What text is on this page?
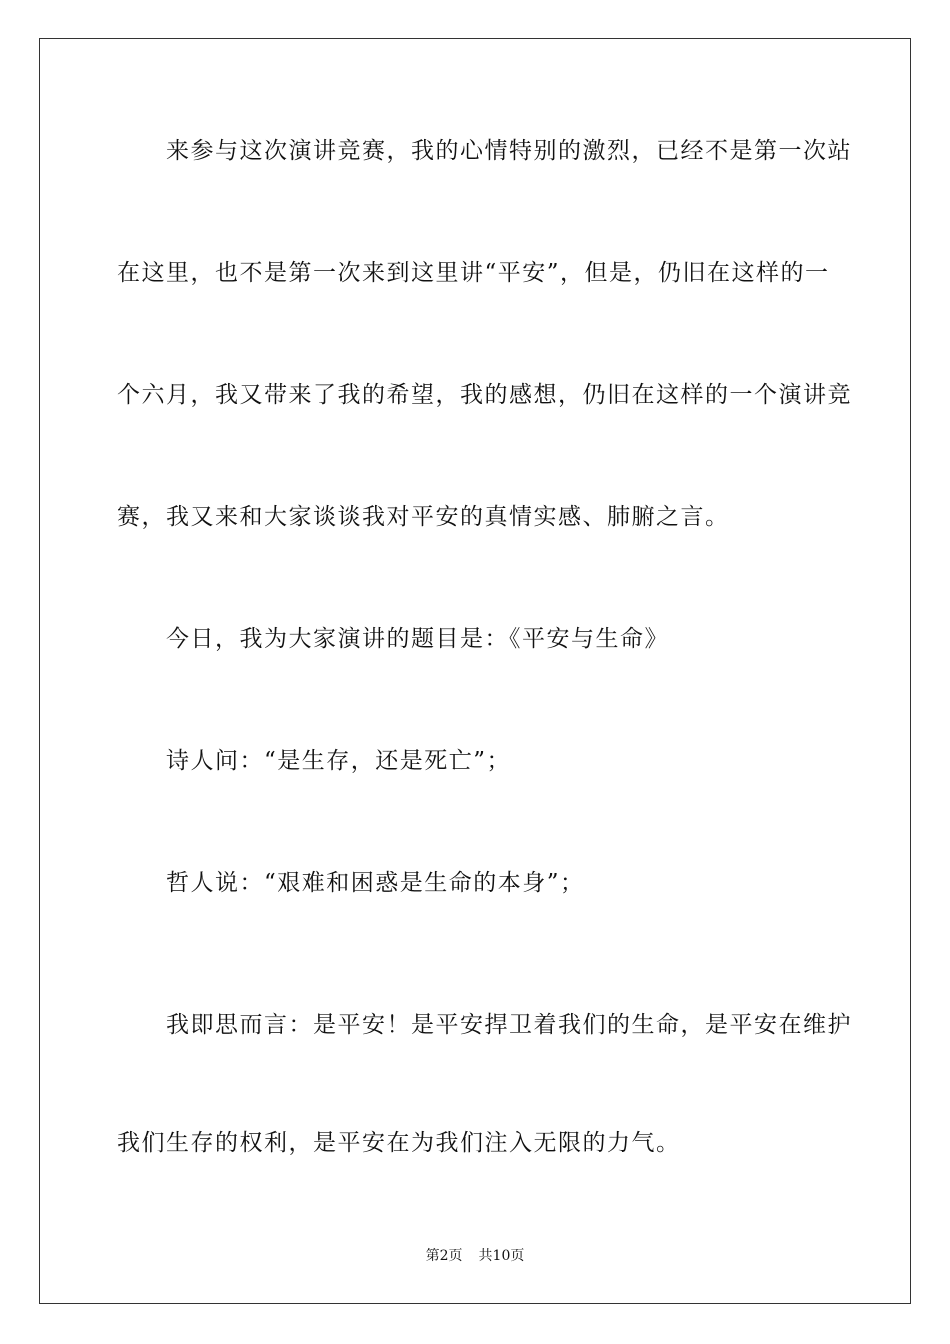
　　来参与这次演讲竞赛，我的心情特别的激烈，已经不是第一次站
在这里，也不是第一次来到这里讲“平安”，但是，仍旧在这样的一
个六月，我又带来了我的希望，我的感想，仍旧在这样的一个演讲竞
赛，我又来和大家谈谈我对平安的真情实感、肺腑之言。
　　今日，我为大家演讲的题目是：《平安与生命》
　　诗人问：“是生存，还是死亡”；
　　哲人说：“艰难和困惑是生命的本身”；
　　我即思而言：是平安！是平安捍卫着我们的生命，是平安在维护
我们生存的权利，是平安在为我们注入无限的力气。
第2页 共10页
